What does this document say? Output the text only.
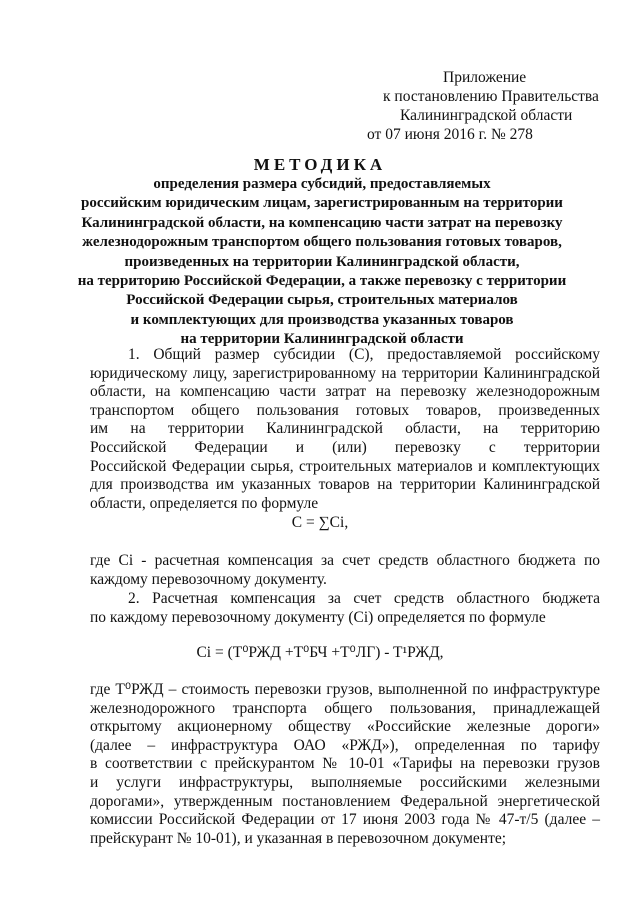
Приложение
к постановлению Правительства
Калининградской области
от 07 июня 2016 г. № 278
МЕТОДИКА
определения размера субсидий, предоставляемых
российским юридическим лицам, зарегистрированным на территории
Калининградской области, на компенсацию части затрат на перевозку
железнодорожным транспортом общего пользования готовых товаров,
произведенных на территории Калининградской области,
на территорию Российской Федерации, а также перевозку с территории
Российской Федерации сырья, строительных материалов
и комплектующих для производства указанных товаров
на территории Калининградской области
1. Общий размер субсидии (С), предоставляемой российскому
юридическому лицу, зарегистрированному на территории Калининградской
области, на компенсацию части затрат на перевозку железнодорожным
транспортом общего пользования готовых товаров, произведенных
им на территории Калининградской области, на территорию
Российской Федерации и (или) перевозку с территории
Российской Федерации сырья, строительных материалов и комплектующих
для производства им указанных товаров на территории Калининградской
области, определяется по формуле
C = ∑Ci,
где Ci - расчетная компенсация за счет средств областного бюджета по
каждому перевозочному документу.
2. Расчетная компенсация за счет средств областного бюджета
по каждому перевозочному документу (Ci) определяется по формуле
Ci = (T⁰РЖД +T⁰БЧ +T⁰ЛГ) - T¹РЖД,
где T⁰РЖД – стоимость перевозки грузов, выполненной по инфраструктуре
железнодорожного транспорта общего пользования, принадлежащей
открытому акционерному обществу «Российские железные дороги»
(далее – инфраструктура ОАО «РЖД»), определенная по тарифу
в соответствии с прейскурантом № 10-01 «Тарифы на перевозки грузов
и услуги инфраструктуры, выполняемые российскими железными
дорогами», утвержденным постановлением Федеральной энергетической
комиссии Российской Федерации от 17 июня 2003 года № 47-т/5 (далее –
прейскурант № 10-01), и указанная в перевозочном документе;
